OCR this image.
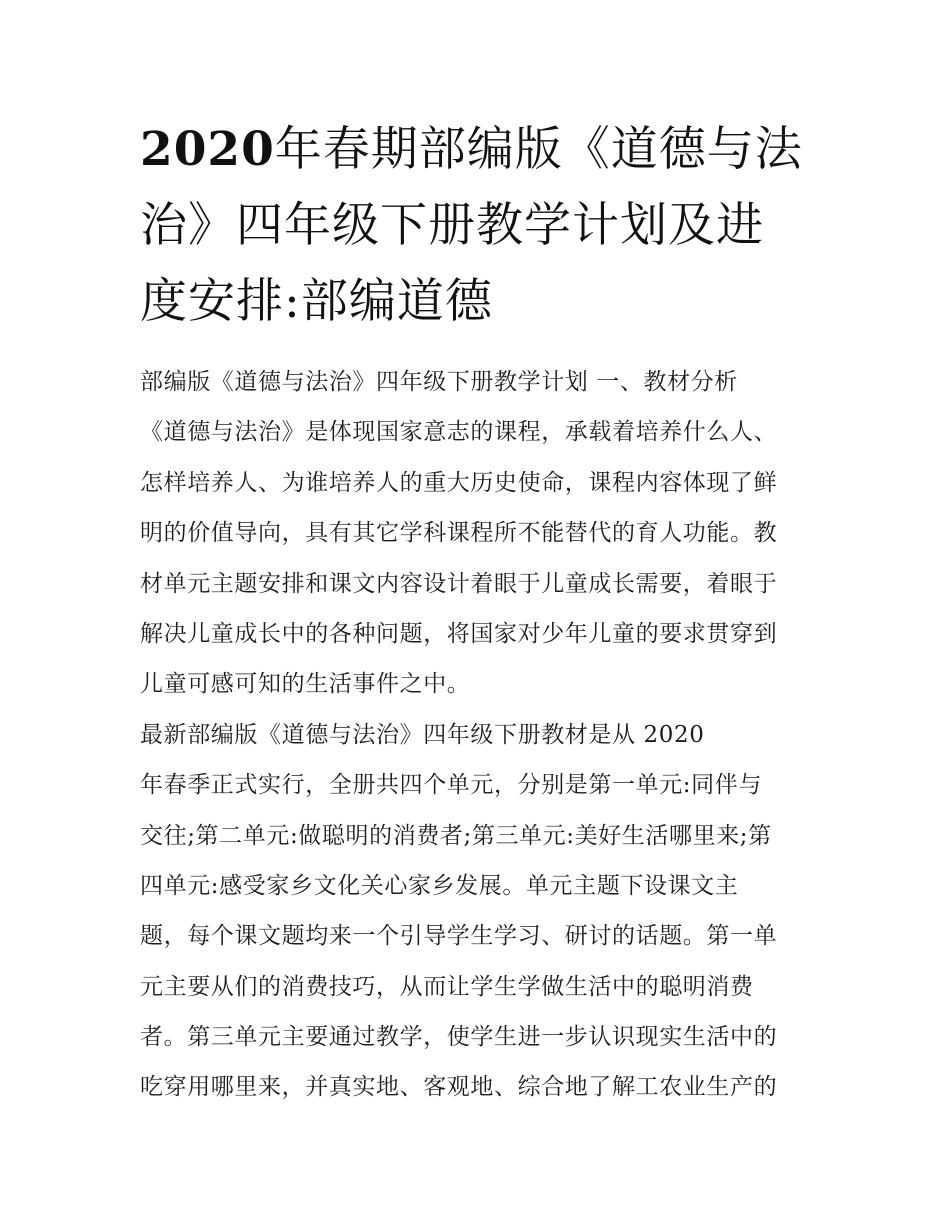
2020年春期部编版《道德与法
治》四年级下册教学计划及进
度安排:部编道德
部编版《道德与法治》四年级下册教学计划 一、教材分析
《道德与法治》是体现国家意志的课程，承载着培养什么人、
怎样培养人、为谁培养人的重大历史使命，课程内容体现了鲜
明的价值导向，具有其它学科课程所不能替代的育人功能。教
材单元主题安排和课文内容设计着眼于儿童成长需要，着眼于
解决儿童成长中的各种问题，将国家对少年儿童的要求贯穿到
儿童可感可知的生活事件之中。
最新部编版《道德与法治》四年级下册教材是从 2020
年春季正式实行，全册共四个单元，分别是第一单元:同伴与
交往;第二单元:做聪明的消费者;第三单元:美好生活哪里来;第
四单元:感受家乡文化关心家乡发展。单元主题下设课文主
题，每个课文题均来一个引导学生学习、研讨的话题。第一单
元主要从们的消费技巧，从而让学生学做生活中的聪明消费
者。第三单元主要通过教学，使学生进一步认识现实生活中的
吃穿用哪里来，并真实地、客观地、综合地了解工农业生产的
